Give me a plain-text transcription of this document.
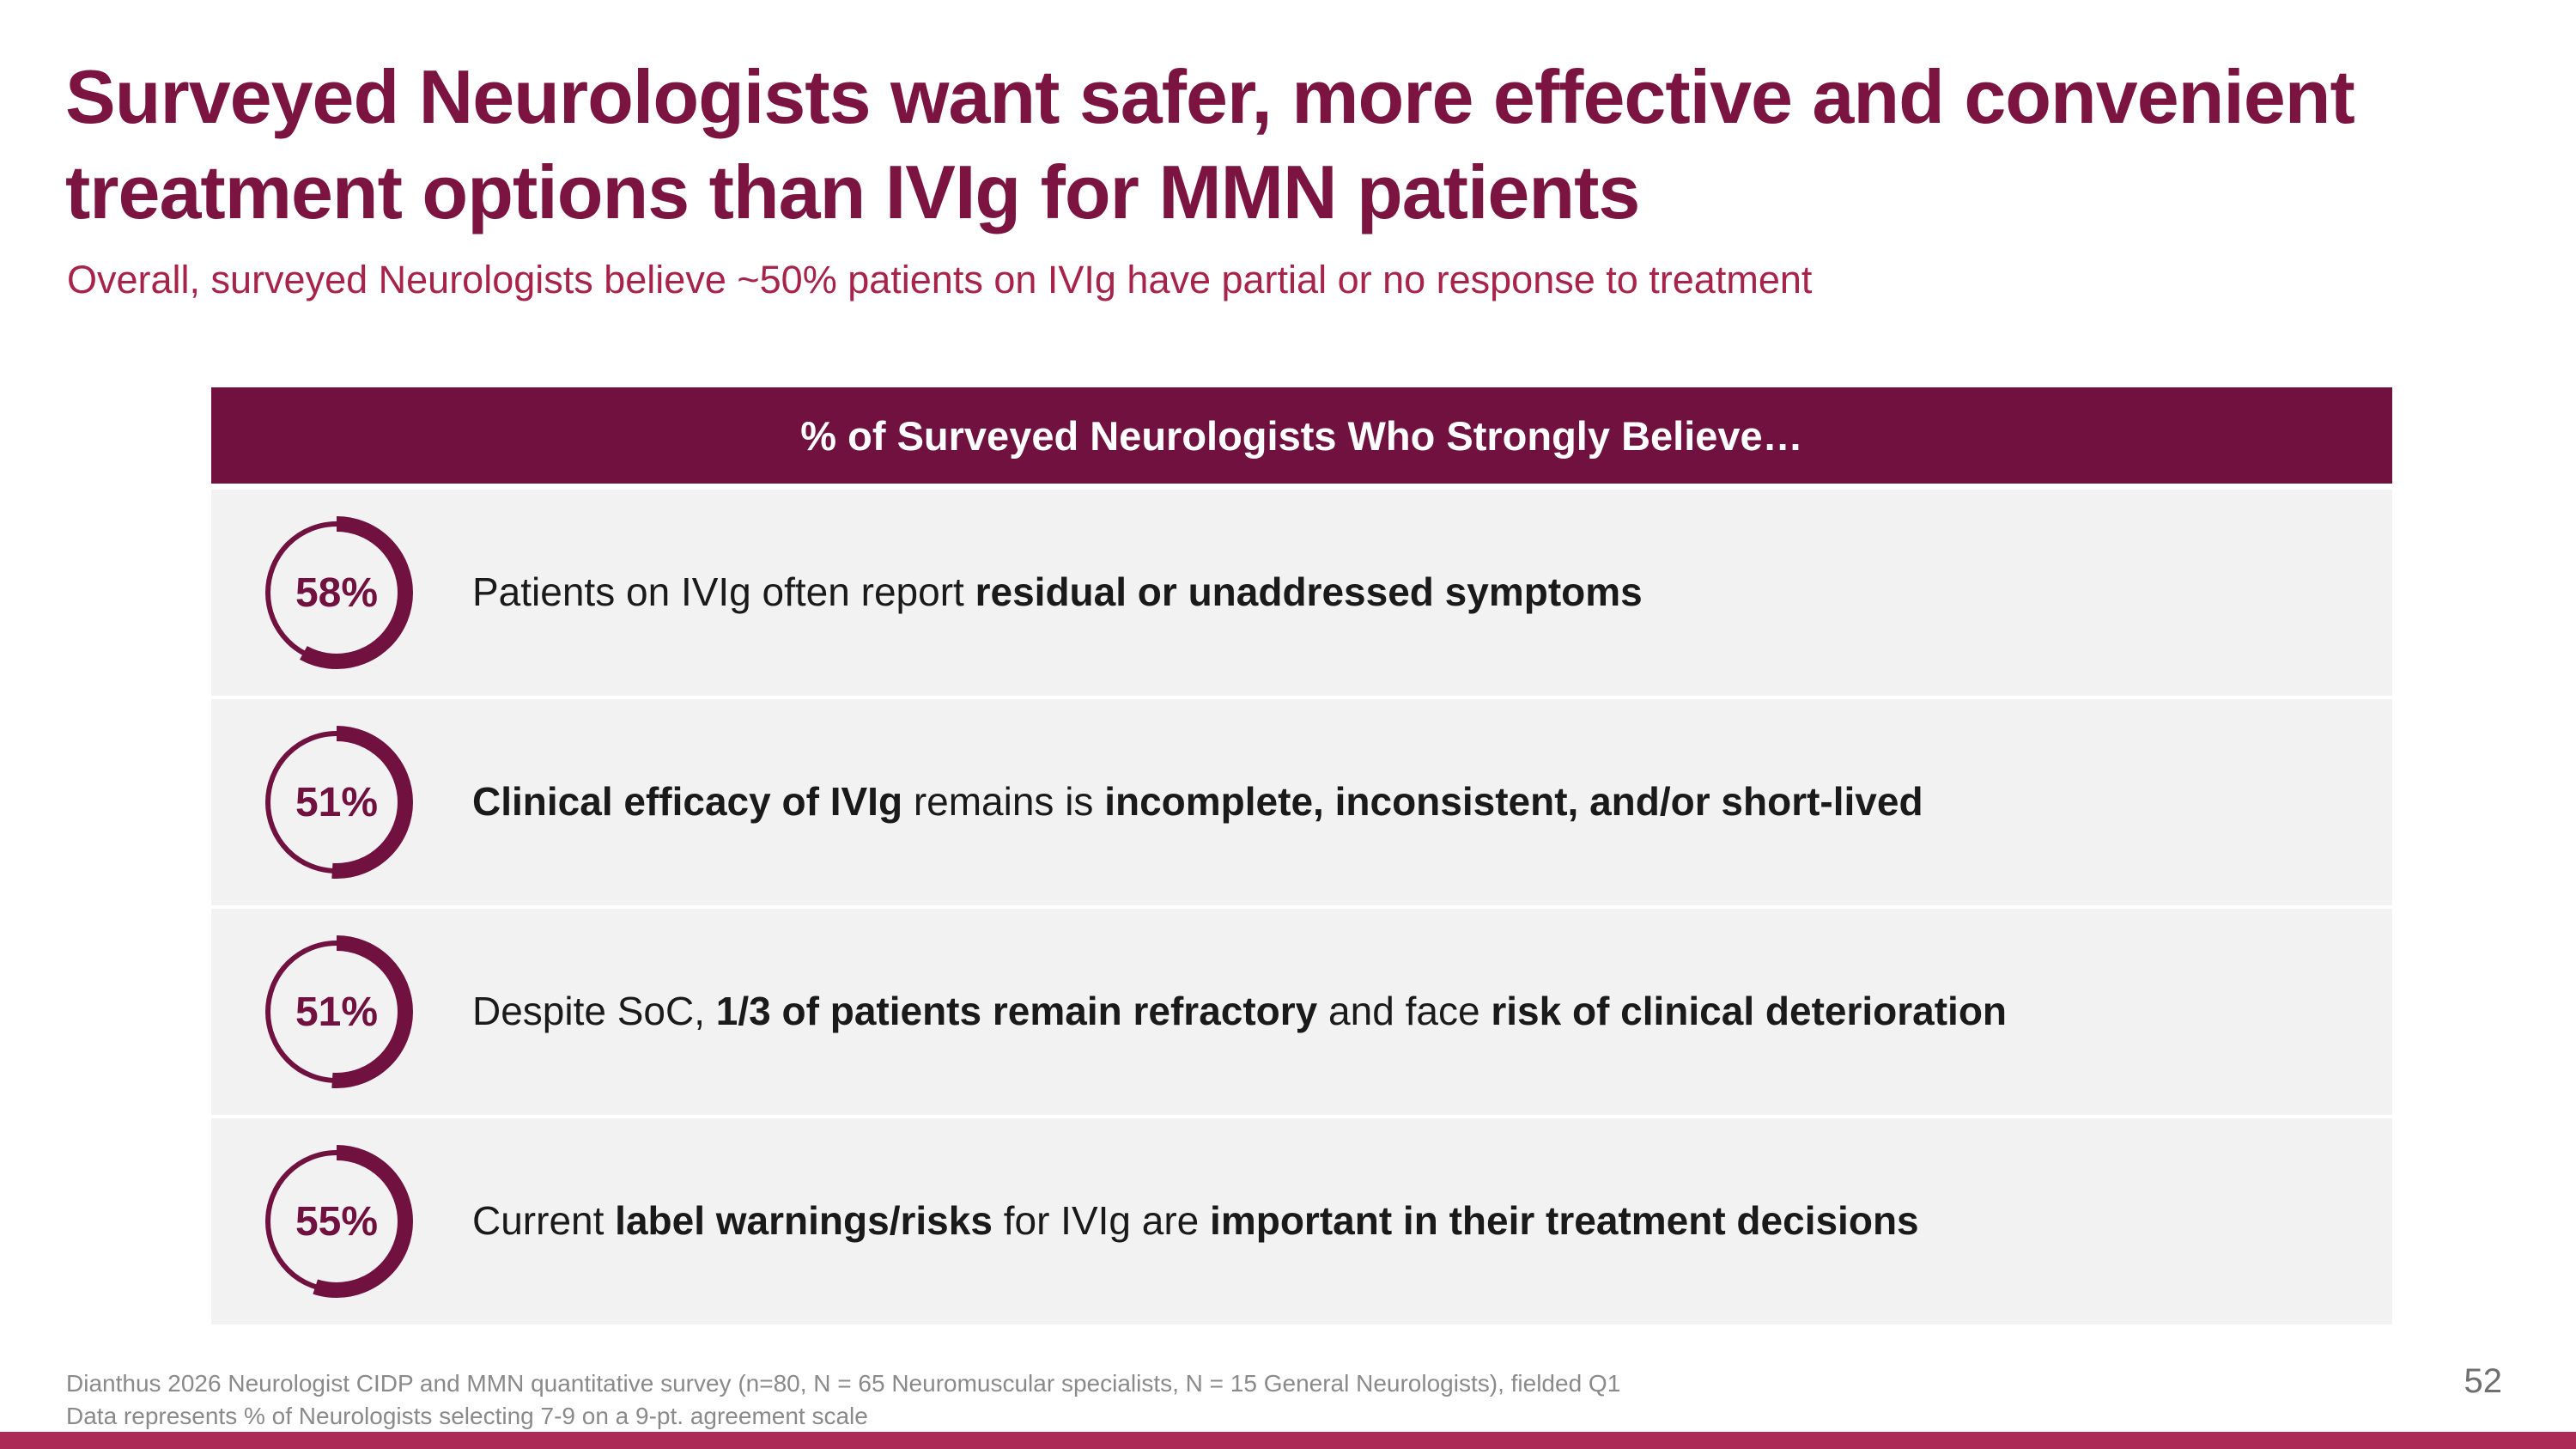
Surveyed Neurologists want safer, more effective and convenient treatment options than IVIg for MMN patients

Overall, surveyed Neurologists believe ~50% patients on IVIg have partial or no response to treatment

% of Surveyed Neurologists Who Strongly Believe…
58%	Patients on IVIg often report residual or unaddressed symptoms
51%	Clinical efficacy of IVIg remains is incomplete, inconsistent, and/or short-lived
51%	Despite SoC, 1/3 of patients remain refractory and face risk of clinical deterioration
55%	Current label warnings/risks for IVIg are important in their treatment decisions
Dianthus 2026 Neurologist CIDP and MMN quantitative survey (n=80, N = 65 Neuromuscular specialists, N = 15 General Neurologists), fielded Q1
Data represents % of Neurologists selecting 7-9 on a 9-pt. agreement scale
52
